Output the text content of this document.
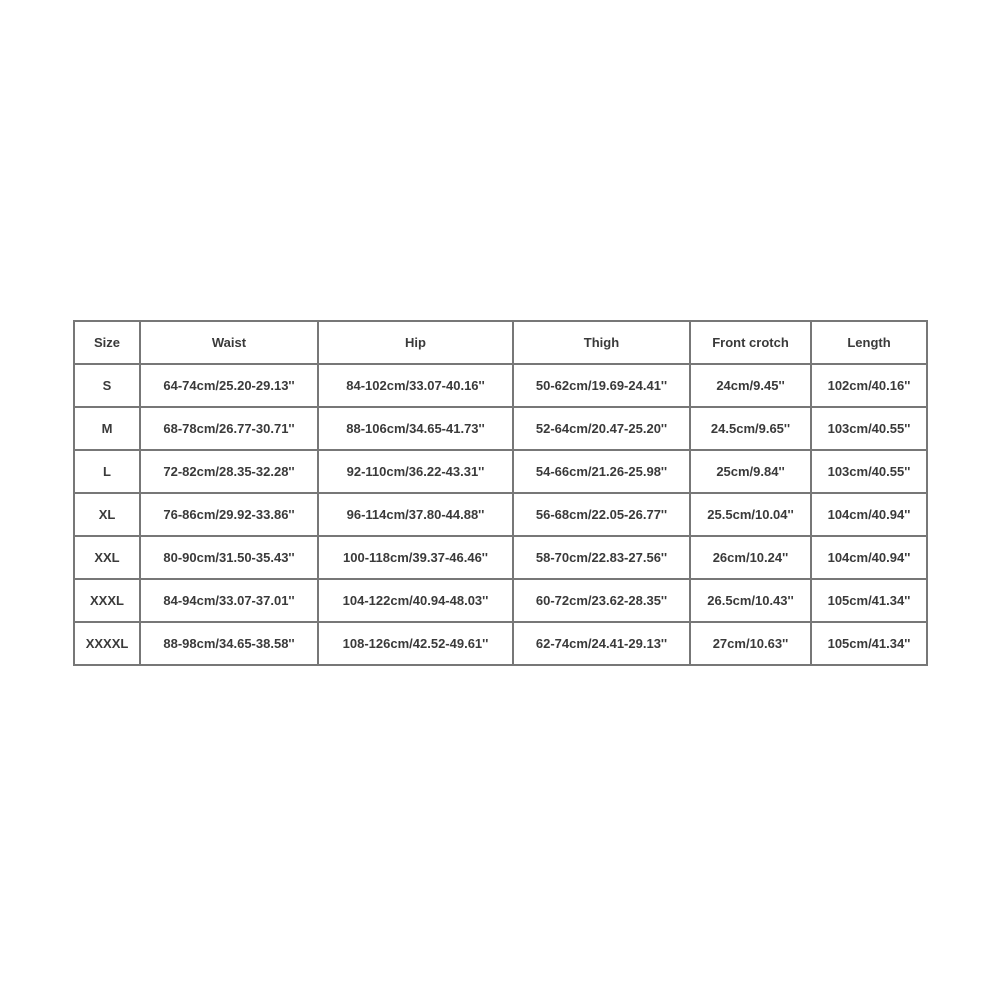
Size	Waist	Hip	Thigh	Front crotch	Length
S	64-74cm/25.20-29.13''	84-102cm/33.07-40.16''	50-62cm/19.69-24.41''	24cm/9.45''	102cm/40.16''
M	68-78cm/26.77-30.71''	88-106cm/34.65-41.73''	52-64cm/20.47-25.20''	24.5cm/9.65''	103cm/40.55''
L	72-82cm/28.35-32.28''	92-110cm/36.22-43.31''	54-66cm/21.26-25.98''	25cm/9.84''	103cm/40.55''
XL	76-86cm/29.92-33.86''	96-114cm/37.80-44.88''	56-68cm/22.05-26.77''	25.5cm/10.04''	104cm/40.94''
XXL	80-90cm/31.50-35.43''	100-118cm/39.37-46.46''	58-70cm/22.83-27.56''	26cm/10.24''	104cm/40.94''
XXXL	84-94cm/33.07-37.01''	104-122cm/40.94-48.03''	60-72cm/23.62-28.35''	26.5cm/10.43''	105cm/41.34''
XXXXL	88-98cm/34.65-38.58''	108-126cm/42.52-49.61''	62-74cm/24.41-29.13''	27cm/10.63''	105cm/41.34''
